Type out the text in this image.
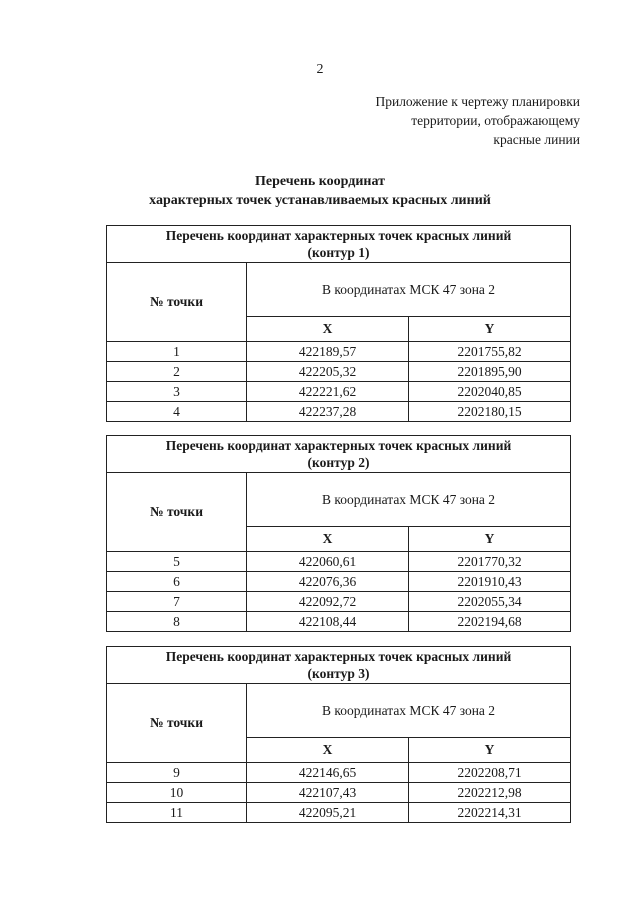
2
Приложение к чертежу планировки
территории, отображающему
красные линии
Перечень координат
характерных точек устанавливаемых красных линий
Перечень координат характерных точек красных линий
(контур 1)		

№ точки	В координатах МСК 47 зона 2	
	X	Y
1	422189,57	2201755,82
2	422205,32	2201895,90
3	422221,62	2202040,85
4	422237,28	2202180,15
Перечень координат характерных точек красных линий
(контур 2)		

№ точки	В координатах МСК 47 зона 2	
	X	Y
5	422060,61	2201770,32
6	422076,36	2201910,43
7	422092,72	2202055,34
8	422108,44	2202194,68
Перечень координат характерных точек красных линий
(контур 3)		

№ точки	В координатах МСК 47 зона 2	
	X	Y
9	422146,65	2202208,71
10	422107,43	2202212,98
11	422095,21	2202214,31
